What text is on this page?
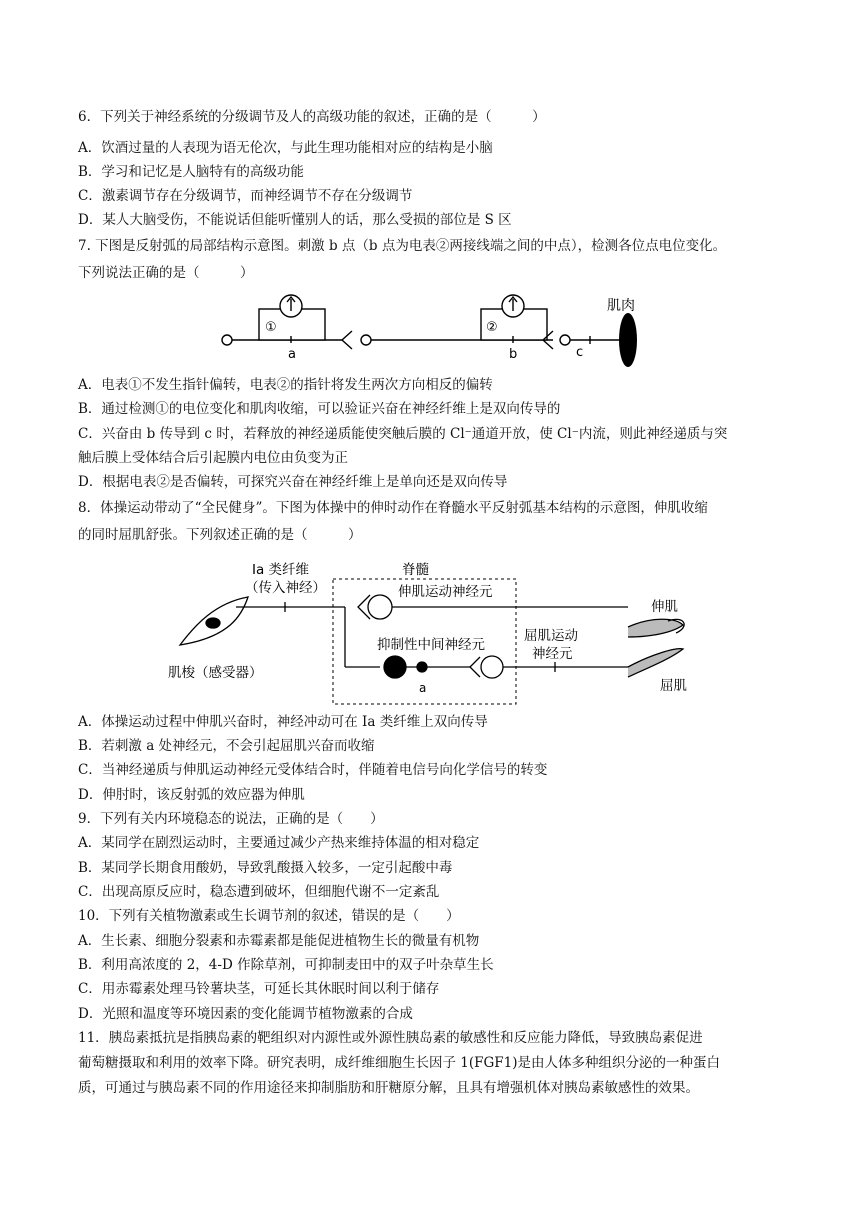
6．下列关于神经系统的分级调节及人的高级功能的叙述，正确的是（　　　）
A．饮酒过量的人表现为语无伦次，与此生理功能相对应的结构是小脑
B．学习和记忆是人脑特有的高级功能
C．激素调节存在分级调节，而神经调节不存在分级调节
D．某人大脑受伤，不能说话但能听懂别人的话，那么受损的部位是 S 区
7. 下图是反射弧的局部结构示意图。刺激 b 点（b 点为电表②两接线端之间的中点），检测各位点电位变化。
下列说法正确的是（　　　）
①	②
a	b	c
肌肉
A．电表①不发生指针偏转，电表②的指针将发生两次方向相反的偏转
B．通过检测①的电位变化和肌肉收缩，可以验证兴奋在神经纤维上是双向传导的
C．兴奋由 b 传导到 c 时，若释放的神经递质能使突触后膜的 Cl⁻通道开放，使 Cl⁻内流，则此神经递质与突
触后膜上受体结合后引起膜内电位由负变为正
D．根据电表②是否偏转，可探究兴奋在神经纤维上是单向还是双向传导
8．体操运动带动了“全民健身”。下图为体操中的伸时动作在脊髓水平反射弧基本结构的示意图，伸肌收缩
的同时屈肌舒张。下列叙述正确的是（　　　）
Ⅰa 类纤维
（传入神经）
脊髓
伸肌运动神经元
抑制性中间神经元
屈肌运动
神经元
肌梭（感受器）
a
伸肌
屈肌
A．体操运动过程中伸肌兴奋时，神经冲动可在 Ia 类纤维上双向传导
B．若刺激 a 处神经元，不会引起屈肌兴奋而收缩
C．当神经递质与伸肌运动神经元受体结合时，伴随着电信号向化学信号的转变
D．伸肘时，该反射弧的效应器为伸肌
9．下列有关内环境稳态的说法，正确的是（　　）
A．某同学在剧烈运动时，主要通过减少产热来维持体温的相对稳定
B．某同学长期食用酸奶，导致乳酸摄入较多，一定引起酸中毒
C．出现高原反应时，稳态遭到破坏，但细胞代谢不一定紊乱
10．下列有关植物激素或生长调节剂的叙述，错误的是（　　）
A．生长素、细胞分裂素和赤霉素都是能促进植物生长的微量有机物
B．利用高浓度的 2，4-D 作除草剂，可抑制麦田中的双子叶杂草生长
C．用赤霉素处理马铃薯块茎，可延长其休眠时间以利于储存
D．光照和温度等环境因素的变化能调节植物激素的合成
11．胰岛素抵抗是指胰岛素的靶组织对内源性或外源性胰岛素的敏感性和反应能力降低，导致胰岛素促进
葡萄糖摄取和利用的效率下降。研究表明，成纤维细胞生长因子 1(FGF1)是由人体多种组织分泌的一种蛋白
质，可通过与胰岛素不同的作用途径来抑制脂肪和肝糖原分解，且具有增强机体对胰岛素敏感性的效果。
